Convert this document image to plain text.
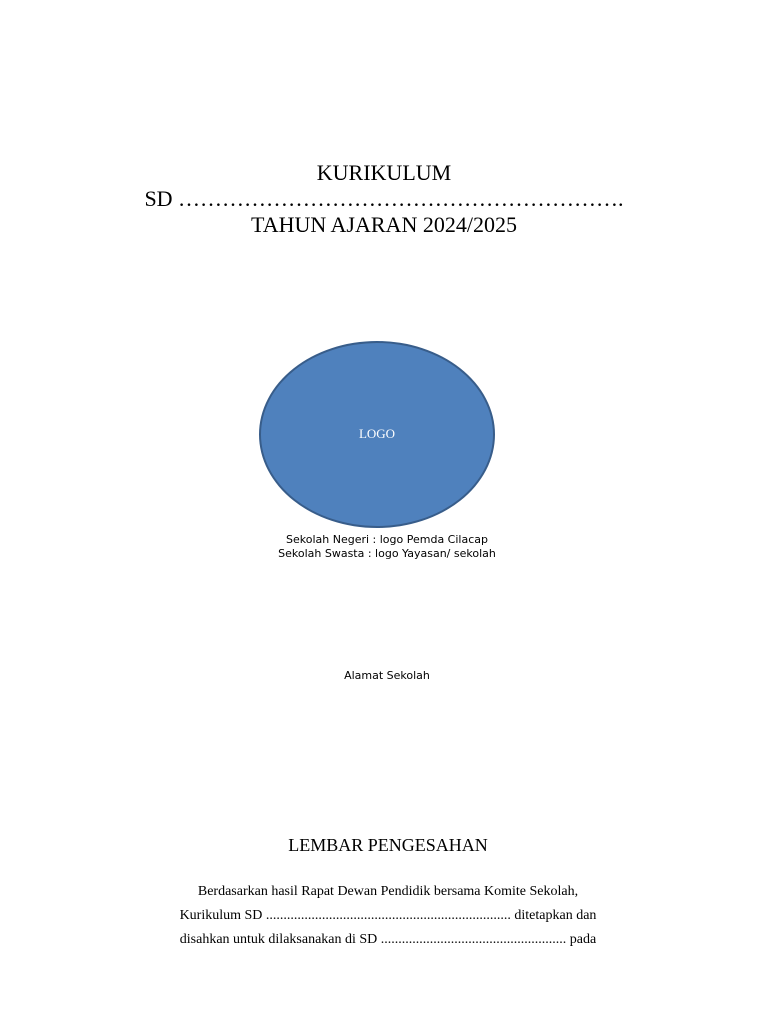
KURIKULUM
SD …………………………………………………….
TAHUN AJARAN 2024/2025
LOGO
Sekolah Negeri : logo Pemda Cilacap
Sekolah Swasta : logo Yayasan/ sekolah
Alamat Sekolah
LEMBAR PENGESAHAN
Berdasarkan hasil Rapat Dewan Pendidik bersama Komite Sekolah,
Kurikulum SD ...................................................................... ditetapkan dan
disahkan untuk dilaksanakan di SD ..................................................... pada
